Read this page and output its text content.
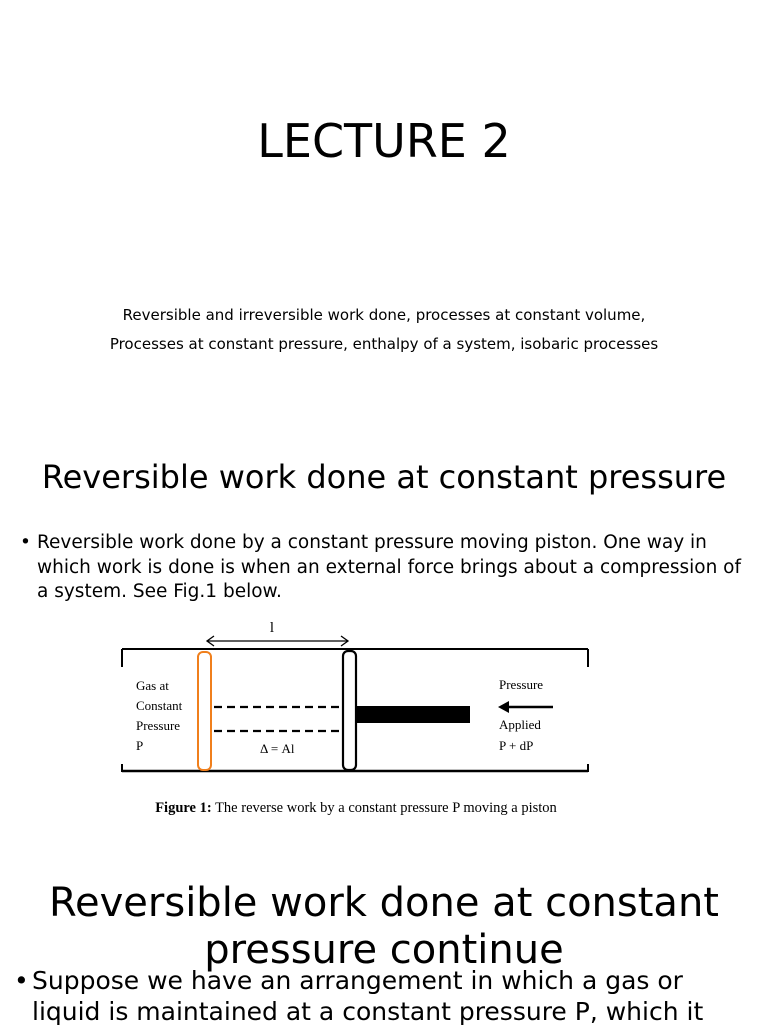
LECTURE 2
Reversible and irreversible work done, processes at constant volume,
Processes at constant pressure, enthalpy of a system, isobaric processes
Reversible work done at constant pressure
• Reversible work done by a constant pressure moving piston. One way in which work is done is when an external force brings about a compression of a system. See Fig.1 below.
l
Gas at
Constant
Pressure
P	Δ = Al
Pressure
Applied
P + dP
Figure 1: The reverse work by a constant pressure P moving a piston
Reversible work done at constant pressure continue
• Suppose we have an arrangement in which a gas or liquid is maintained at a constant pressure P, which it
